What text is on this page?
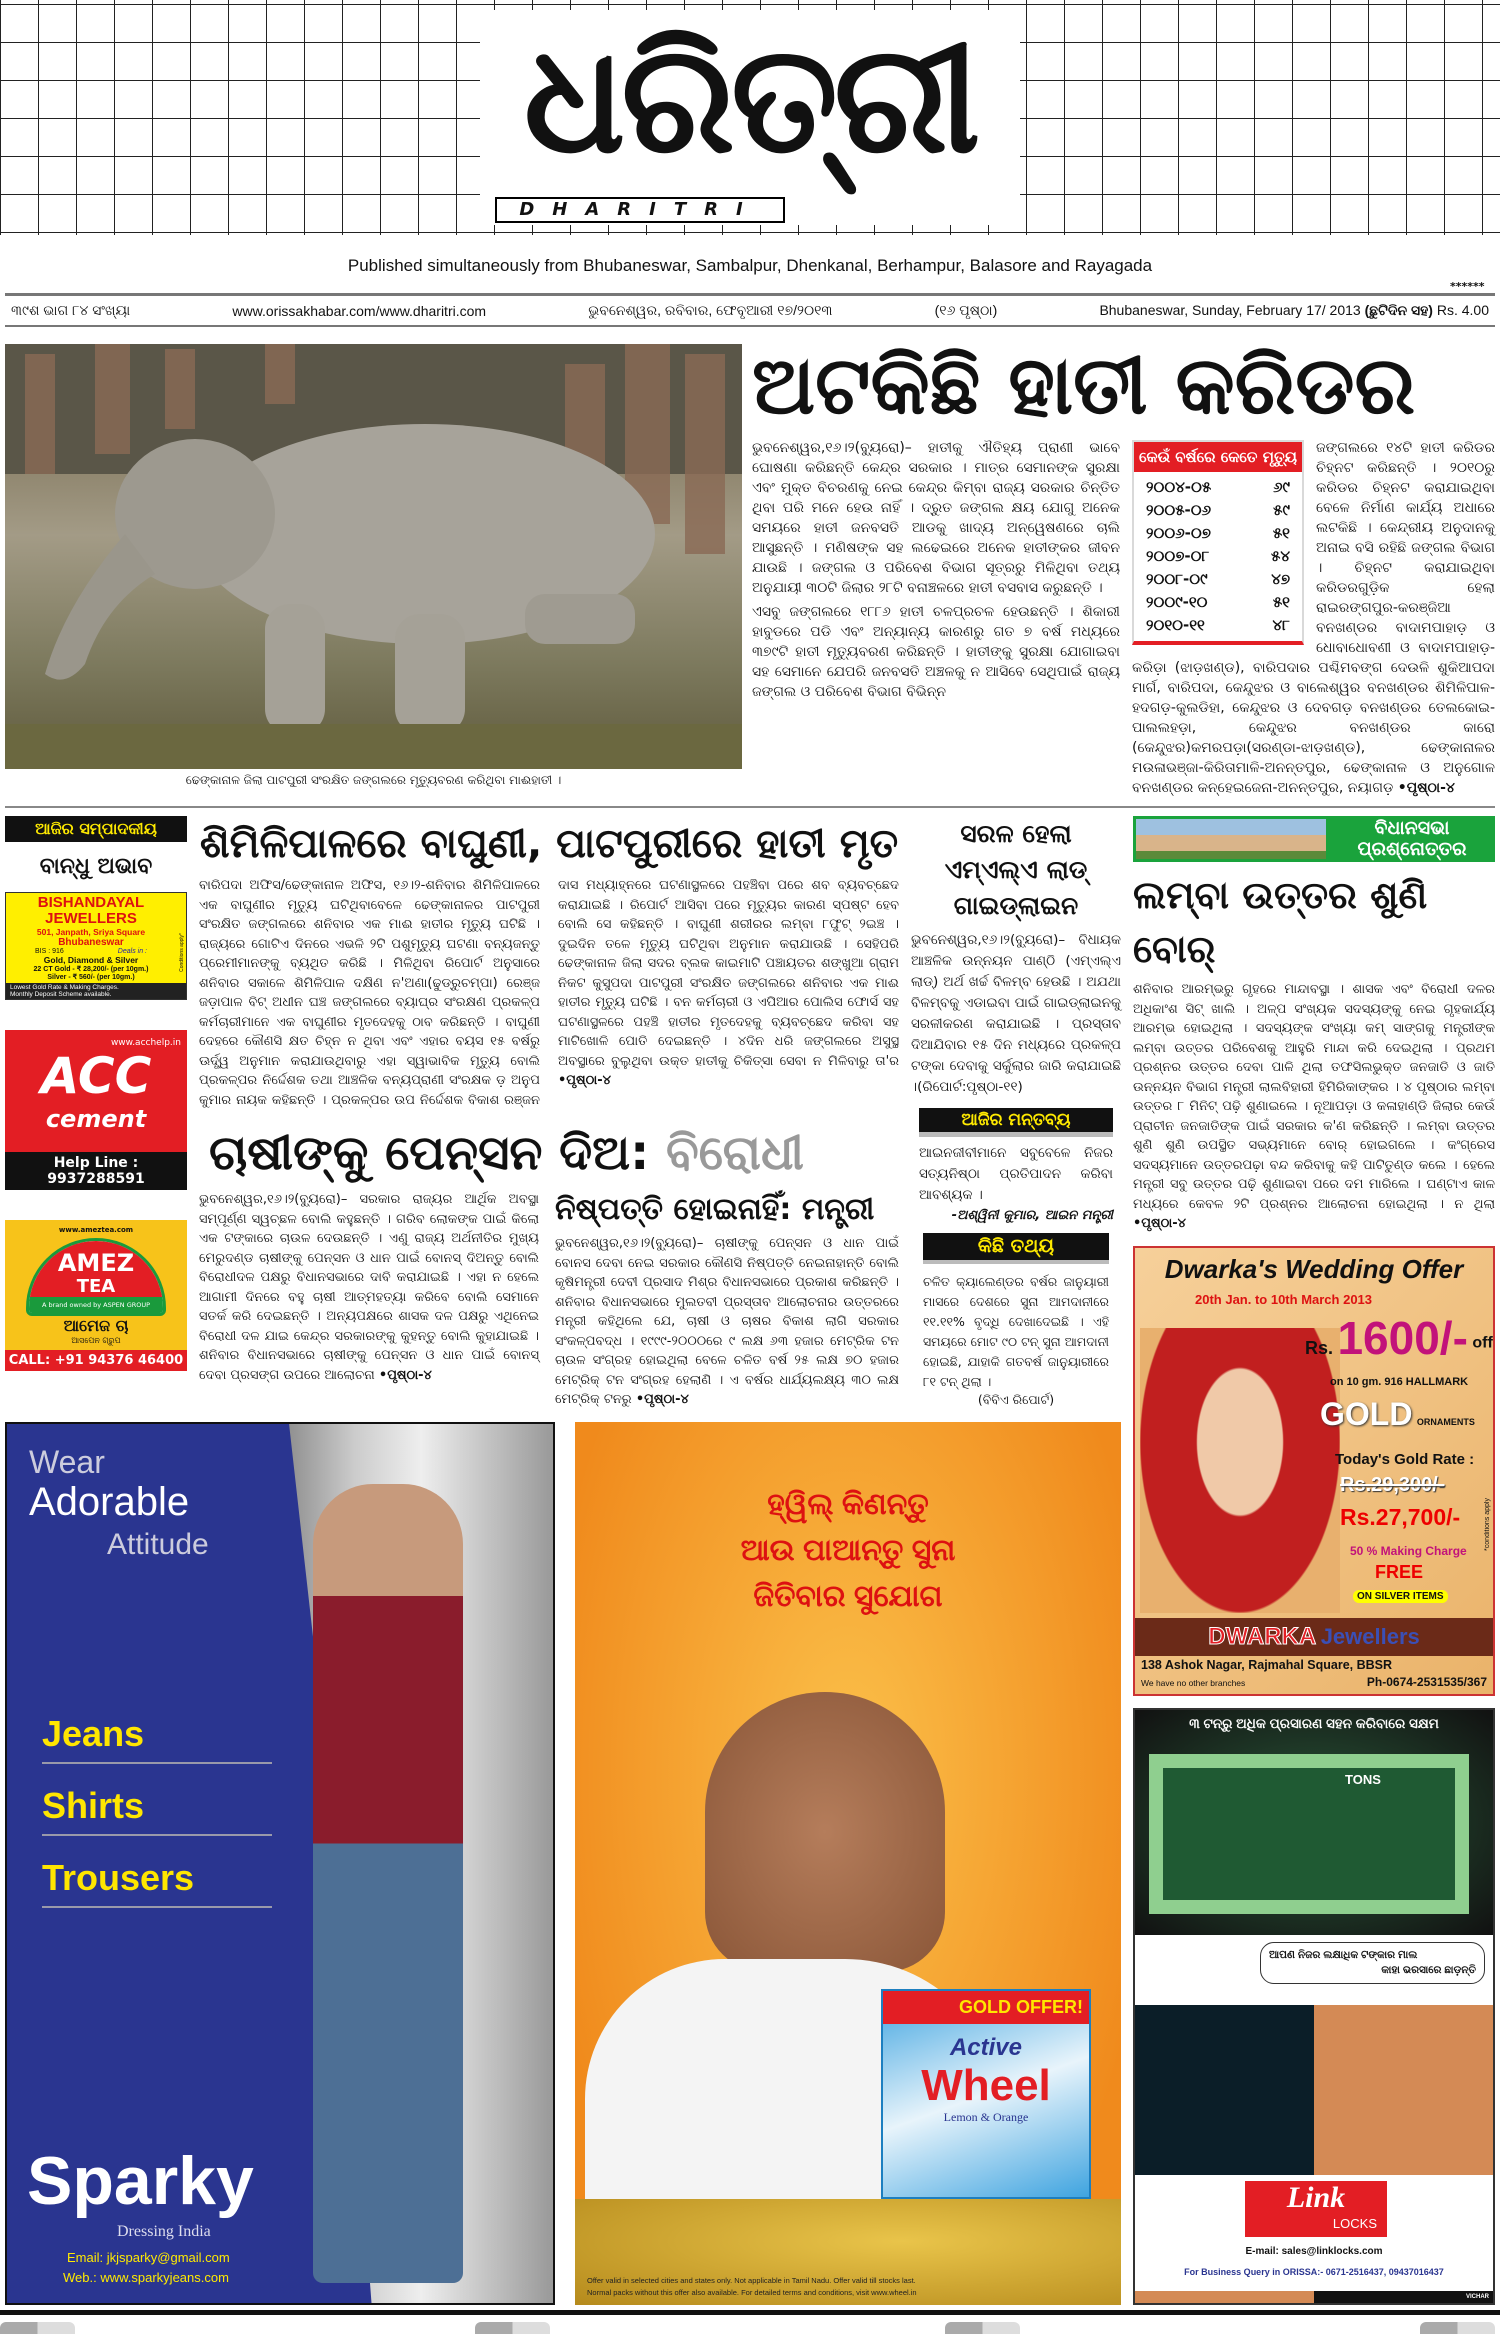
ଧରିତ୍ରୀ
DHARITRI
Published simultaneously from Bhubaneswar, Sambalpur, Dhenkanal, Berhampur, Balasore and Rayagada
******
୩୯ଶ ଭାଗ ୮୪ ସଂଖ୍ୟା	www.orissakhabar.com/www.dharitri.com	ଭୁବନେଶ୍ୱର, ରବିବାର, ଫେବୃଆରୀ ୧୭/୨୦୧୩	(୧୬ ପୃଷ୍ଠା)	Bhubaneswar, Sunday, February 17/ 2013 (ଛୁଟିଦିନ ସହ) Rs. 4.00
ଢେଙ୍କାନାଳ ଜିଲା ପାଟପୁରୀ ସଂରକ୍ଷିତ ଜଙ୍ଗଲରେ ମୃତ୍ୟୁବରଣ କରିଥିବା ମାଈହାତୀ ।
ଅଟକିଛି ହାତୀ କରିଡର
ଭୁବନେଶ୍ୱର,୧୬।୨(ବ୍ୟୁରୋ)– ହାତୀକୁ ଐତିହ୍ୟ ପ୍ରାଣୀ ଭାବେ ଘୋଷଣା କରିଛନ୍ତି କେନ୍ଦ୍ର ସରକାର । ମାତ୍ର ସେମାନଙ୍କ ସୁରକ୍ଷା ଏବଂ ମୁକ୍ତ ବିଚରଣକୁ ନେଇ କେନ୍ଦ୍ର କିମ୍ବା ରାଜ୍ୟ ସରକାର ଚିନ୍ତିତ ଥିବା ପରି ମନେ ହେଉ ନାହିଁ । ଦ୍ରୁତ ଜଙ୍ଗଲ କ୍ଷୟ ଯୋଗୁ ଅନେକ ସମୟରେ ହାତୀ ଜନବସତି ଆଡକୁ ଖାଦ୍ୟ ଅନ୍ୱେଷଣରେ ଚାଲି ଆସୁଛନ୍ତି । ମଣିଷଙ୍କ ସହ ଲଢେଇରେ ଅନେକ ହାତୀଙ୍କର ଜୀବନ ଯାଉଛି । ଜଙ୍ଗଲ ଓ ପରିବେଶ ବିଭାଗ ସୂତ୍ରରୁ ମିଳିଥିବା ତଥ୍ୟ ଅନୁଯାୟୀ ୩୦ଟି ଜିଲାର ୨୮ଟି ବନାଞ୍ଚଳରେ ହାତୀ ବସବାସ କରୁଛନ୍ତି ।
ଏସବୁ ଜଙ୍ଗଲରେ ୧୮୮୬ ହାତୀ ଚଳପ୍ରଚଳ ହେଉଛନ୍ତି । ଶିକାରୀ ହାବୁଡରେ ପଡି ଏବଂ ଅନ୍ୟାନ୍ୟ କାରଣରୁ ଗତ ୭ ବର୍ଷ ମଧ୍ୟରେ ୩୭୯ଟି ହାତୀ ମୃତ୍ୟୁବରଣ କରିଛନ୍ତି । ହାତୀଙ୍କୁ ସୁରକ୍ଷା ଯୋଗାଇବା ସହ ସେମାନେ ଯେପରି ଜନବସତି ଅଞ୍ଚଳକୁ ନ ଆସିବେ ସେଥିପାଇଁ ରାଜ୍ୟ ଜଙ୍ଗଲ ଓ ପରିବେଶ ବିଭାଗ ବିଭିନ୍ନ
କେଉଁ ବର୍ଷରେ କେତେ ମୃତ୍ୟୁ
୨୦୦୪-୦୫	୬୯
୨୦୦୫-୦୬	୫୯
୨୦୦୬-୦୭	୫୧
୨୦୦୭-୦୮	୫୪
୨୦୦୮-୦୯	୪୭
୨୦୦୯-୧୦	୫୧
୨୦୧୦-୧୧	୪୮
ଜଙ୍ଗଲରେ ୧୪ଟି ହାତୀ କରିଡର ଚିହ୍ନଟ କରିଛନ୍ତି । ୨୦୧୦ରୁ କରିଡର ଚିହ୍ନଟ କରାଯାଇଥିବା ବେଳେ ନିର୍ମାଣ କାର୍ଯ୍ୟ ଅଧାରେ ଲଟକିଛି । କେନ୍ଦ୍ରୀୟ ଅନୁଦାନକୁ ଅନାଇ ବସି ରହିଛି ଜଙ୍ଗଲ ବିଭାଗ । ଚିହ୍ନଟ କରାଯାଇଥିବା କରିଡରଗୁଡ଼ିକ ହେଲା ରାଇରଙ୍ଗପୁର-କରଞ୍ଜିଆ ବନଖଣ୍ଡର ବାଦାମପାହାଡ଼ ଓ ଧୋବାଧୋବଣୀ ଓ ବାଦାମପାହାଡ଼-କରିଡ଼ା (ଝାଡ଼ଖଣ୍ଡ), ବାରିପଦାର ପଶ୍ଚିମବଙ୍ଗ ଦେଉଳି ଶୁକିଆପଦା ମାର୍ଗ, ବାରିପଦା, କେନ୍ଦୁଝର ଓ ବାଲେଶ୍ୱର ବନଖଣ୍ଡର ଶିମିଳିପାଳ- ହଦଗଡ଼-କୁଲଡିହା, କେନ୍ଦୁଝର ଓ ଦେବଗଡ଼ ବନଖଣ୍ଡର ତେଲକୋଇ-ପାଲଲହଡ଼ା, କେନ୍ଦୁଝର ବନଖଣ୍ଡର କାରୋ (କେନ୍ଦୁଝର)କମରପଡ଼ା(ସରଣ୍ଡା-ଝାଡ଼ଖଣ୍ଡ), ଢେଙ୍କାନାଳର ମଉଳାଭଞ୍ଜା-କିରିତାମାଳି-ଅନନ୍ତପୁର, ଢେଙ୍କାନାଳ ଓ ଅନୁଗୋଳ ବନଖଣ୍ଡର କନ୍ହେଇଜେନା-ଅନନ୍ତପୁର, ନୟାଗଡ଼ •ପୃଷ୍ଠା-୪
ଆଜିର ସମ୍ପାଦକୀୟ
ବାନ୍ଧୁ ଅଭାବ
BISHANDAYAL
JEWELLERS
501, Janpath, Sriya Square
Bhubaneswar
BIS : 916	Deals in :
Gold, Diamond & Silver
22 CT Gold - ₹ 28,200/- (per 10gm.)
Silver - ₹ 560/- (per 10gm.)
Conditions apply*
Lowest Gold Rate & Making Charges.
Monthly Deposit Scheme available.
www.acchelp.in
ACC
cement
Help Line : 9937288591
www.ameztea.com
AMEZ
TEA
A brand owned by ASPEN GROUP
ଆମେଜ ଚା
ଆସପେନ ଗ୍ରୁପ
CALL: +91 94376 46400
ଶିମିଳିପାଳରେ ବାଘୁଣୀ, ପାଟପୁରୀରେ ହାତୀ ମୃତ
ବାରିପଦା ଅଫିସ/ଢେଙ୍କାନାଳ ଅଫିସ, ୧୬।୨-ଶନିବାର ଶିମିଳିପାଳରେ ଏକ ବାଘୁଣୀର ମୃତ୍ୟୁ ଘଟିଥିବାବେଳେ ଢେଙ୍କାନାଳର ପାଟପୁରୀ ସଂରକ୍ଷିତ ଜଙ୍ଗଲରେ ଶନିବାର ଏକ ମାଈ ହାତୀର ମୃତ୍ୟୁ ଘଟିଛି । ରାଜ୍ୟରେ ଗୋଟିଏ ଦିନରେ ଏଭଳି ୨ଟି ପଶୁମୃତ୍ୟୁ ଘଟଣା ବନ୍ୟଜନ୍ତୁ ପ୍ରେମୀମାନଙ୍କୁ ବ୍ୟଥିତ କରିଛି । ମିଳିଥିବା ରିପୋର୍ଟ ଅନୁସାରେ ଶନିବାର ସକାଳେ ଶିମିଳିପାଳ ଦକ୍ଷିଣ ନ'ଅଣା(ଢୁଡ୍ରୁଚମ୍ପା) ରେଞ୍ଜ ଜଡ଼ାପାଳ ବିଟ୍ ଅଧୀନ ଘଞ୍ଚ ଜଙ୍ଗଲରେ ବ୍ୟାଘ୍ର ସଂରକ୍ଷଣ ପ୍ରକଳ୍ପ କର୍ମଚାରୀମାନେ ଏକ ବାଘୁଣୀର ମୃତଦେହକୁ ଠାବ କରିଛନ୍ତି । ବାଘୁଣୀ ଦେହରେ କୌଣସି କ୍ଷତ ଚିହ୍ନ ନ ଥିବା ଏବଂ ଏହାର ବୟସ ୧୫ ବର୍ଷରୁ ଊର୍ଦ୍ଧ୍ୱ ଅନୁମାନ କରାଯାଉଥିବାରୁ ଏହା ସ୍ୱାଭାବିକ ମୃତ୍ୟୁ ବୋଲି ପ୍ରକଳ୍ପର ନିର୍ଦ୍ଦେଶକ ତଥା ଆଞ୍ଚଳିକ ବନ୍ୟପ୍ରାଣୀ ସଂରକ୍ଷକ ଡ଼ ଅନୁପ କୁମାର ନାୟକ କହିଛନ୍ତି । ପ୍ରକଳ୍ପର ଉପ ନିର୍ଦ୍ଦେଶକ ବିକାଶ ରଞ୍ଜନ ଦାସ ମଧ୍ୟାହ୍ନରେ ଘଟଣାସ୍ଥଳରେ ପହଞ୍ଚିବା ପରେ ଶବ ବ୍ୟବଚ୍ଛେଦ କରାଯାଇଛି । ରିପୋର୍ଟ ଆସିବା ପରେ ମୃତ୍ୟୁର କାରଣ ସ୍ପଷ୍ଟ ହେବ ବୋଲି ସେ କହିଛନ୍ତି । ବାଘୁଣୀ ଶରୀରର ଲମ୍ବା ୮ଫୁଟ୍ ୨ଇଞ୍ଚ । ଦୁଇଦିନ ତଳେ ମୃତ୍ୟୁ ଘଟିଥିବା ଅନୁମାନ କରାଯାଉଛି । ସେହିପରି ଢେଙ୍କାନାଳ ଜିଲା ସଦର ବ୍ଲକ କାଇମାଟି ପଞ୍ଚାୟତର ଶଙ୍ଖୁଆ ଗ୍ରାମ ନିକଟ କୁସୁପଦା ପାଟପୁରୀ ସଂରକ୍ଷିତ ଜଙ୍ଗଲରେ ଶନିବାର ଏକ ମାଈ ହାତୀର ମୃତ୍ୟୁ ଘଟିଛି । ବନ କର୍ମଚାରୀ ଓ ଏପିଆର ପୋଲିସ ଫୋର୍ସ ସହ ଘଟଣାସ୍ଥଳରେ ପହଞ୍ଚି ହାତୀର ମୃତଦେହକୁ ବ୍ୟବଚ୍ଛେଦ କରିବା ସହ ମାଟିଖୋଳି ପୋତି ଦେଇଛନ୍ତି । ୪ଦିନ ଧରି ଜଙ୍ଗଲରେ ଅସୁସ୍ଥ ଅବସ୍ଥାରେ ବୁଲୁଥିବା ଉକ୍ତ ହାତୀକୁ ଚିକିତ୍ସା ସେବା ନ ମିଳିବାରୁ ତା'ର •ପୃଷ୍ଠା-୪
ଚାଷୀଙ୍କୁ ପେନ୍‌ସନ ଦିଅ: ବିରୋଧୀ
ଭୁବନେଶ୍ୱର,୧୬।୨(ବ୍ୟୁରୋ)– ସରକାର ରାଜ୍ୟର ଆର୍ଥିକ ଅବସ୍ଥା ସମ୍ପୂର୍ଣ୍ଣ ସ୍ୱଚ୍ଛଳ ବୋଲି କହୁଛନ୍ତି । ଗରିବ ଲୋକଙ୍କ ପାଇଁ କିଲୋ ଏକ ଟଙ୍କାରେ ଚାଉଳ ଦେଉଛନ୍ତି । ଏଣୁ ରାଜ୍ୟ ଅର୍ଥନୀତିର ମୁଖ୍ୟ ମେରୁଦଣ୍ଡ ଚାଷୀଙ୍କୁ ପେନ୍‌ସନ ଓ ଧାନ ପାଇଁ ବୋନସ୍ ଦିଅନ୍ତୁ ବୋଲି ବିରୋଧୀଦଳ ପକ୍ଷରୁ ବିଧାନସଭାରେ ଦାବି କରାଯାଇଛି । ଏହା ନ ହେଲେ ଆଗାମୀ ଦିନରେ ବହୁ ଚାଷୀ ଆତ୍ମହତ୍ୟା କରିବେ ବୋଲି ସେମାନେ ସତର୍କ କରି ଦେଇଛନ୍ତି । ଅନ୍ୟପକ୍ଷରେ ଶାସକ ଦଳ ପକ୍ଷରୁ ଏଥିନେଇ ବିରୋଧୀ ଦଳ ଯାଇ କେନ୍ଦ୍ର ସରକାରଙ୍କୁ କୁହନ୍ତୁ ବୋଲି କୁହାଯାଇଛି । ଶନିବାର ବିଧାନସଭାରେ ଚାଷୀଙ୍କୁ ପେନ୍‌ସନ ଓ ଧାନ ପାଇଁ ବୋନସ୍ ଦେବା ପ୍ରସଙ୍ଗ ଉପରେ ଆଲୋଚନା •ପୃଷ୍ଠା-୪
ନିଷ୍ପତ୍ତି ହୋଇନାହିଁ: ମନ୍ତ୍ରୀ
ଭୁବନେଶ୍ୱର,୧୬।୨(ବ୍ୟୁରୋ)– ଚାଷୀଙ୍କୁ ପେନ୍‌ସନ ଓ ଧାନ ପାଇଁ ବୋନସ ଦେବା ନେଇ ସରକାର କୌଣସି ନିଷ୍ପତ୍ତି ନେଇନାହାନ୍ତି ବୋଲି କୃଷିମନ୍ତ୍ରୀ ଦେବୀ ପ୍ରସାଦ ମିଶ୍ର ବିଧାନସଭାରେ ପ୍ରକାଶ କରିଛନ୍ତି । ଶନିବାର ବିଧାନସଭାରେ ମୁଲତବୀ ପ୍ରସ୍ତାବ ଆଲୋଚନାର ଉତ୍ତରରେ ମନ୍ତ୍ରୀ କହିଥିଲେ ଯେ, ଚାଷୀ ଓ ଚାଷର ବିକାଶ ଲାଗି ସରକାର ସଂକଳ୍ପବଦ୍ଧ । ୧୯୯୯-୨୦୦୦ରେ ୯ ଲକ୍ଷ ୬୩ ହଜାର ମେଟ୍ରିକ ଟନ ଚାଉଳ ସଂଗ୍ରହ ହୋଇଥିଲା ବେଳେ ଚଳିତ ବର୍ଷ ୨୫ ଲକ୍ଷ ୭୦ ହଜାର ମେଟ୍ରିକ୍ ଟନ ସଂଗ୍ରହ ହେଲାଣି । ଏ ବର୍ଷର ଧାର୍ଯ୍ୟଲକ୍ଷ୍ୟ ୩୦ ଲକ୍ଷ ମେଟ୍ରିକ୍ ଟନରୁ •ପୃଷ୍ଠା-୪
ସରଳ ହେଲା ଏମ୍‌ଏଲ୍‌ଏ ଲାଡ୍ ଗାଇଡ୍‌ଲାଇନ
ଭୁବନେଶ୍ୱର,୧୬।୨(ବ୍ୟୁରୋ)– ବିଧାୟକ ଆଞ୍ଚଳିକ ଉନ୍ନୟନ ପାଣ୍ଠି (ଏମ୍‌ଏଲ୍‌ଏ ଲାଡ୍) ଅର୍ଥ ଖର୍ଚ୍ଚ ବିଳମ୍ବ ହେଉଛି । ଅଯଥା ବିଳମ୍ବକୁ ଏଡାଇବା ପାଇଁ ଗାଇଡ୍‌ଲାଇନକୁ ସରଳୀକରଣ କରାଯାଇଛି । ପ୍ରସ୍ତାବ ଦିଆଯିବାର ୧୫ ଦିନ ମଧ୍ୟରେ ପ୍ରକଳ୍ପ ଟଙ୍କା ଦେବାକୁ ସର୍କୁଲାର ଜାରି କରାଯାଇଛି ।(ରିପୋର୍ଟ:ପୃଷ୍ଠା-୧୧)
ଆଜିର ମନ୍ତବ୍ୟ
ଆଇନଜୀବୀମାନେ ସବୁବେଳେ ନିଜର ସତ୍ୟନିଷ୍ଠା ପ୍ରତିପାଦନ କରିବା ଆବଶ୍ୟକ ।
-ଅଶ୍ୱିନୀ କୁମାର, ଆଇନ ମନ୍ତ୍ରୀ
କିଛି ତଥ୍ୟ
ଚଳିତ କ୍ୟାଲେଣ୍ଡର ବର୍ଷର ଜାନୁୟାରୀ ମାସରେ ଦେଶରେ ସୁନା ଆମଦାନୀରେ ୧୧.୧୧% ବୃଦ୍ଧି ଦେଖାଦେଇଛି । ଏହି ସମୟରେ ମୋଟ ୯୦ ଟନ୍ ସୁନା ଆମଦାନୀ ହୋଇଛି, ଯାହାକି ଗତବର୍ଷ ଜାନୁୟାରୀରେ ୮୧ ଟନ୍ ଥିଲା ।
(ବିବିଏ ରିପୋର୍ଟ)
Wear
Adorable
Attitude
Jeans
Shirts
Trousers
Sparky
Dressing India
Email: jkjsparky@gmail.com
Web.: www.sparkyjeans.com
ହ୍ୱିଲ୍ କିଣନ୍ତୁ
ଆଉ ପାଆନ୍ତୁ ସୁନା
ଜିତିବାର ସୁଯୋଗ
GOLD OFFER!
Active
Wheel
Lemon & Orange
Offer valid in selected cities and states only. Not applicable in Tamil Nadu. Offer valid till stocks last.
Normal packs without this offer also available. For detailed terms and conditions, visit www.wheel.in
ବିଧାନସଭା
ପ୍ରଶ୍ନୋତ୍ତର
ଲମ୍ବା ଉତ୍ତର ଶୁଣି ବୋର୍
ଶନିବାର ଆରମ୍ଭରୁ ଗୃହରେ ମାନ୍ଦାବସ୍ଥା । ଶାସକ ଏବଂ ବିରୋଧୀ ଦଳର ଅଧିକାଂଶ ସିଟ୍ ଖାଲି । ଅଳ୍ପ ସଂଖ୍ୟକ ସଦସ୍ୟଙ୍କୁ ନେଇ ଗୃହକାର୍ଯ୍ୟ ଆରମ୍ଭ ହୋଇଥିଲା । ସଦସ୍ୟଙ୍କ ସଂଖ୍ୟା କମ୍ ସାଙ୍ଗକୁ ମନ୍ତ୍ରୀଙ୍କ ଲମ୍ବା ଉତ୍ତର ପରିବେଶକୁ ଆହୁରି ମାନ୍ଦା କରି ଦେଇଥିଲା । ପ୍ରଥମ ପ୍ରଶ୍ନର ଉତ୍ତର ଦେବା ପାଳି ଥିଲା ତଫସିଲଭୁକ୍ତ ଜନଜାତି ଓ ଜାତି ଉନ୍ନୟନ ବିଭାଗ ମନ୍ତ୍ରୀ ଲାଲବିହାରୀ ହିମିରିକାଙ୍କର । ୪ ପୃଷ୍ଠାର ଲମ୍ବା ଉତ୍ତର ୮ ମିନିଟ୍ ପଢ଼ି ଶୁଣାଇଲେ । ନୂଆପଡ଼ା ଓ କଳାହାଣ୍ଡି ଜିଲାର କେଉଁ ପ୍ରାଚୀନ ଜନଜାତିଙ୍କ ପାଇଁ ସରକାର କ'ଣ କରିଛନ୍ତି । ଲମ୍ବା ଉତ୍ତର ଶୁଣି ଶୁଣି ଉପସ୍ଥିତ ସଭ୍ୟମାନେ ବୋର୍ ହୋଇଗଲେ । କଂଗ୍ରେସ ସଦସ୍ୟମାନେ ଉତ୍ତରପଢ଼ା ବନ୍ଦ କରିବାକୁ କହି ପାଟିତୁଣ୍ଡ କଲେ । ହେଲେ ମନ୍ତ୍ରୀ ସବୁ ଉତ୍ତର ପଢ଼ି ଶୁଣାଇବା ପରେ ଦମ ମାରିଲେ । ଘଣ୍ଟାଏ କାଳ ମଧ୍ୟରେ କେବଳ ୨ଟି ପ୍ରଶ୍ନର ଆଲୋଚନା ହୋଇଥିଲା । ନ ଥିଲା •ପୃଷ୍ଠା-୪
Dwarka's Wedding Offer
20th Jan. to 10th March 2013
Rs. 1600/- $^{off}$
on 10 gm. 916 HALLMARK
GOLD ORNAMENTS
Today's Gold Rate :
Rs.29,300/-
Rs.27,700/-
50 % Making Charge
FREE
ON SILVER ITEMS
*conditions apply
DWARKA Jewellers
138 Ashok Nagar, Rajmahal Square, BBSR
We have no other branches	Ph-0674-2531535/367
TONS
୩ ଟନ୍‌ରୁ ଅଧିକ ପ୍ରସାରଣ ସହନ କରିବାରେ ସକ୍ଷମ
ଆପଣ ନିଜର ଲକ୍ଷାଧିକ ଟଙ୍କାର ମାଲ
କାହା ଭରସାରେ ଛାଡ଼ନ୍ତି
Link
LOCKS
E-mail: sales@linklocks.com
For Business Query in ORISSA:- 0671-2516437, 09437016437
VICHAR
